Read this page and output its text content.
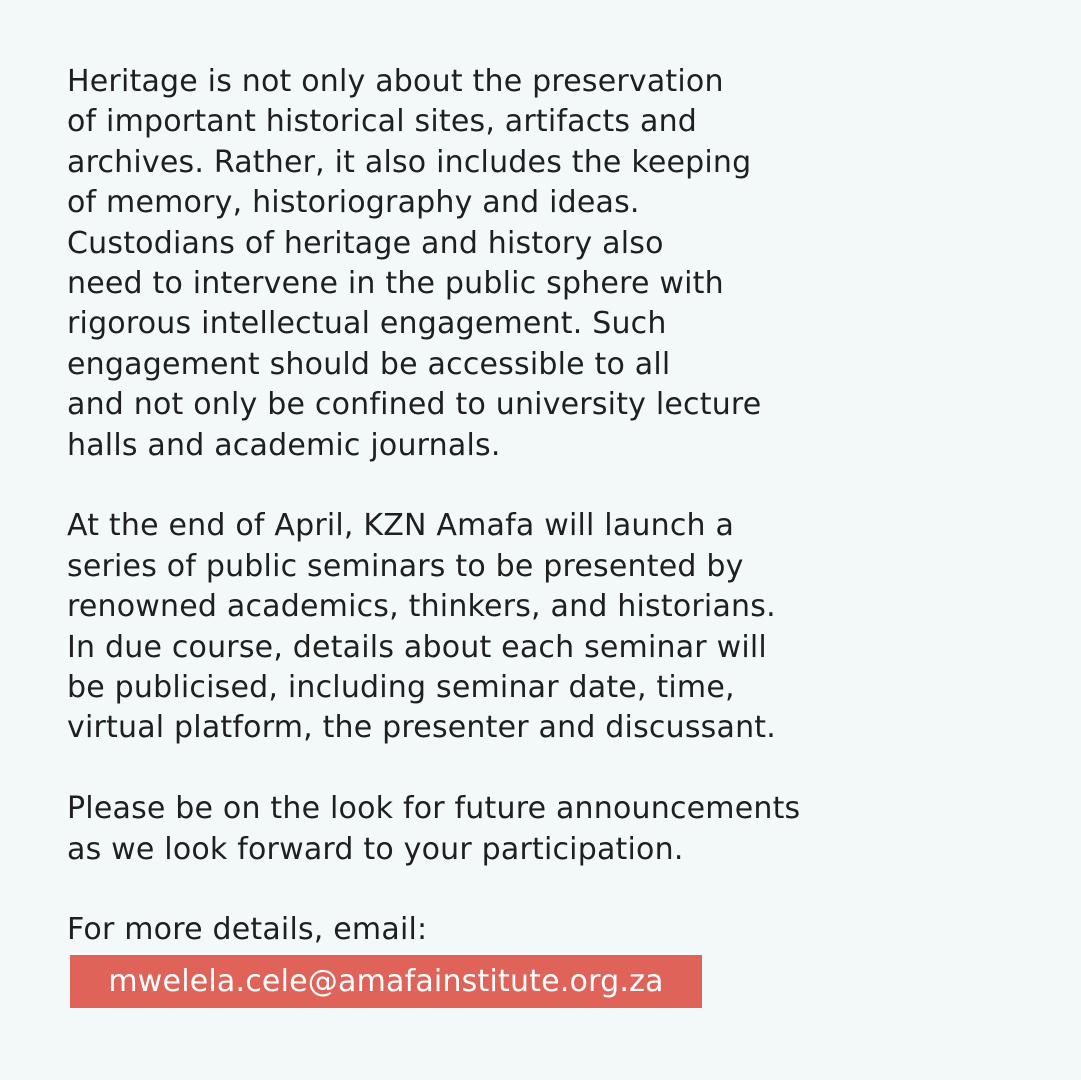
Heritage is not only about the preservation
of important historical sites, artifacts and
archives. Rather, it also includes the keeping
of memory, historiography and ideas.
Custodians of heritage and history also
need to intervene in the public sphere with
rigorous intellectual engagement. Such
engagement should be accessible to all
and not only be confined to university lecture
halls and academic journals.
At the end of April, KZN Amafa will launch a
series of public seminars to be presented by
renowned academics, thinkers, and historians.
In due course, details about each seminar will
be publicised, including seminar date, time,
virtual platform, the presenter and discussant.
Please be on the look for future announcements
as we look forward to your participation.
For more details, email:
mwelela.cele@amafainstitute.org.za
